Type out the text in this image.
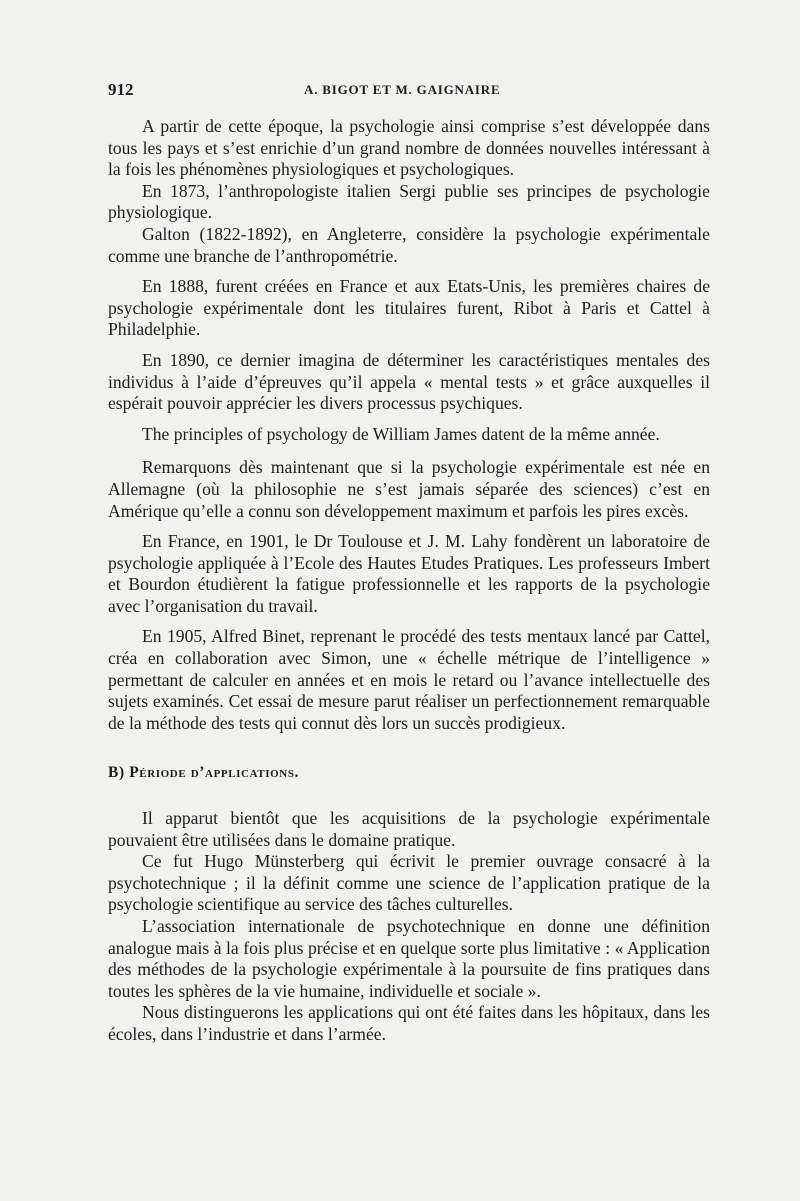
912	A. BIGOT ET M. GAIGNAIRE

A partir de cette époque, la psychologie ainsi comprise s’est développée dans tous les pays et s’est enrichie d’un grand nombre de données nouvelles intéressant à la fois les phénomènes physiologiques et psychologiques.

En 1873, l’anthropologiste italien Sergi publie ses principes de psychologie physiologique.

Galton (1822-1892), en Angleterre, considère la psychologie expérimentale comme une branche de l’anthropométrie.

En 1888, furent créées en France et aux Etats-Unis, les premières chaires de psychologie expérimentale dont les titulaires furent, Ribot à Paris et Cattel à Philadelphie.

En 1890, ce dernier imagina de déterminer les caractéristiques mentales des individus à l’aide d’épreuves qu’il appela « mental tests » et grâce auxquelles il espérait pouvoir apprécier les divers processus psychiques.

The principles of psychology de William James datent de la même année.

Remarquons dès maintenant que si la psychologie expérimentale est née en Allemagne (où la philosophie ne s’est jamais séparée des sciences) c’est en Amérique qu’elle a connu son développement maximum et parfois les pires excès.

En France, en 1901, le Dr Toulouse et J. M. Lahy fondèrent un laboratoire de psychologie appliquée à l’Ecole des Hautes Etudes Pratiques. Les professeurs Imbert et Bourdon étudièrent la fatigue professionnelle et les rapports de la psychologie avec l’organisation du travail.

En 1905, Alfred Binet, reprenant le procédé des tests mentaux lancé par Cattel, créa en collaboration avec Simon, une « échelle métrique de l’intelligence » permettant de calculer en années et en mois le retard ou l’avance intellectuelle des sujets examinés. Cet essai de mesure parut réaliser un perfectionnement remarquable de la méthode des tests qui connut dès lors un succès prodigieux.

B) Période d’applications.

Il apparut bientôt que les acquisitions de la psychologie expérimentale pouvaient être utilisées dans le domaine pratique.

Ce fut Hugo Münsterberg qui écrivit le premier ouvrage consacré à la psychotechnique ; il la définit comme une science de l’application pratique de la psychologie scientifique au service des tâches culturelles.

L’association internationale de psychotechnique en donne une définition analogue mais à la fois plus précise et en quelque sorte plus limitative : « Application des méthodes de la psychologie expérimentale à la poursuite de fins pratiques dans toutes les sphères de la vie humaine, individuelle et sociale ».

Nous distinguerons les applications qui ont été faites dans les hôpitaux, dans les écoles, dans l’industrie et dans l’armée.
